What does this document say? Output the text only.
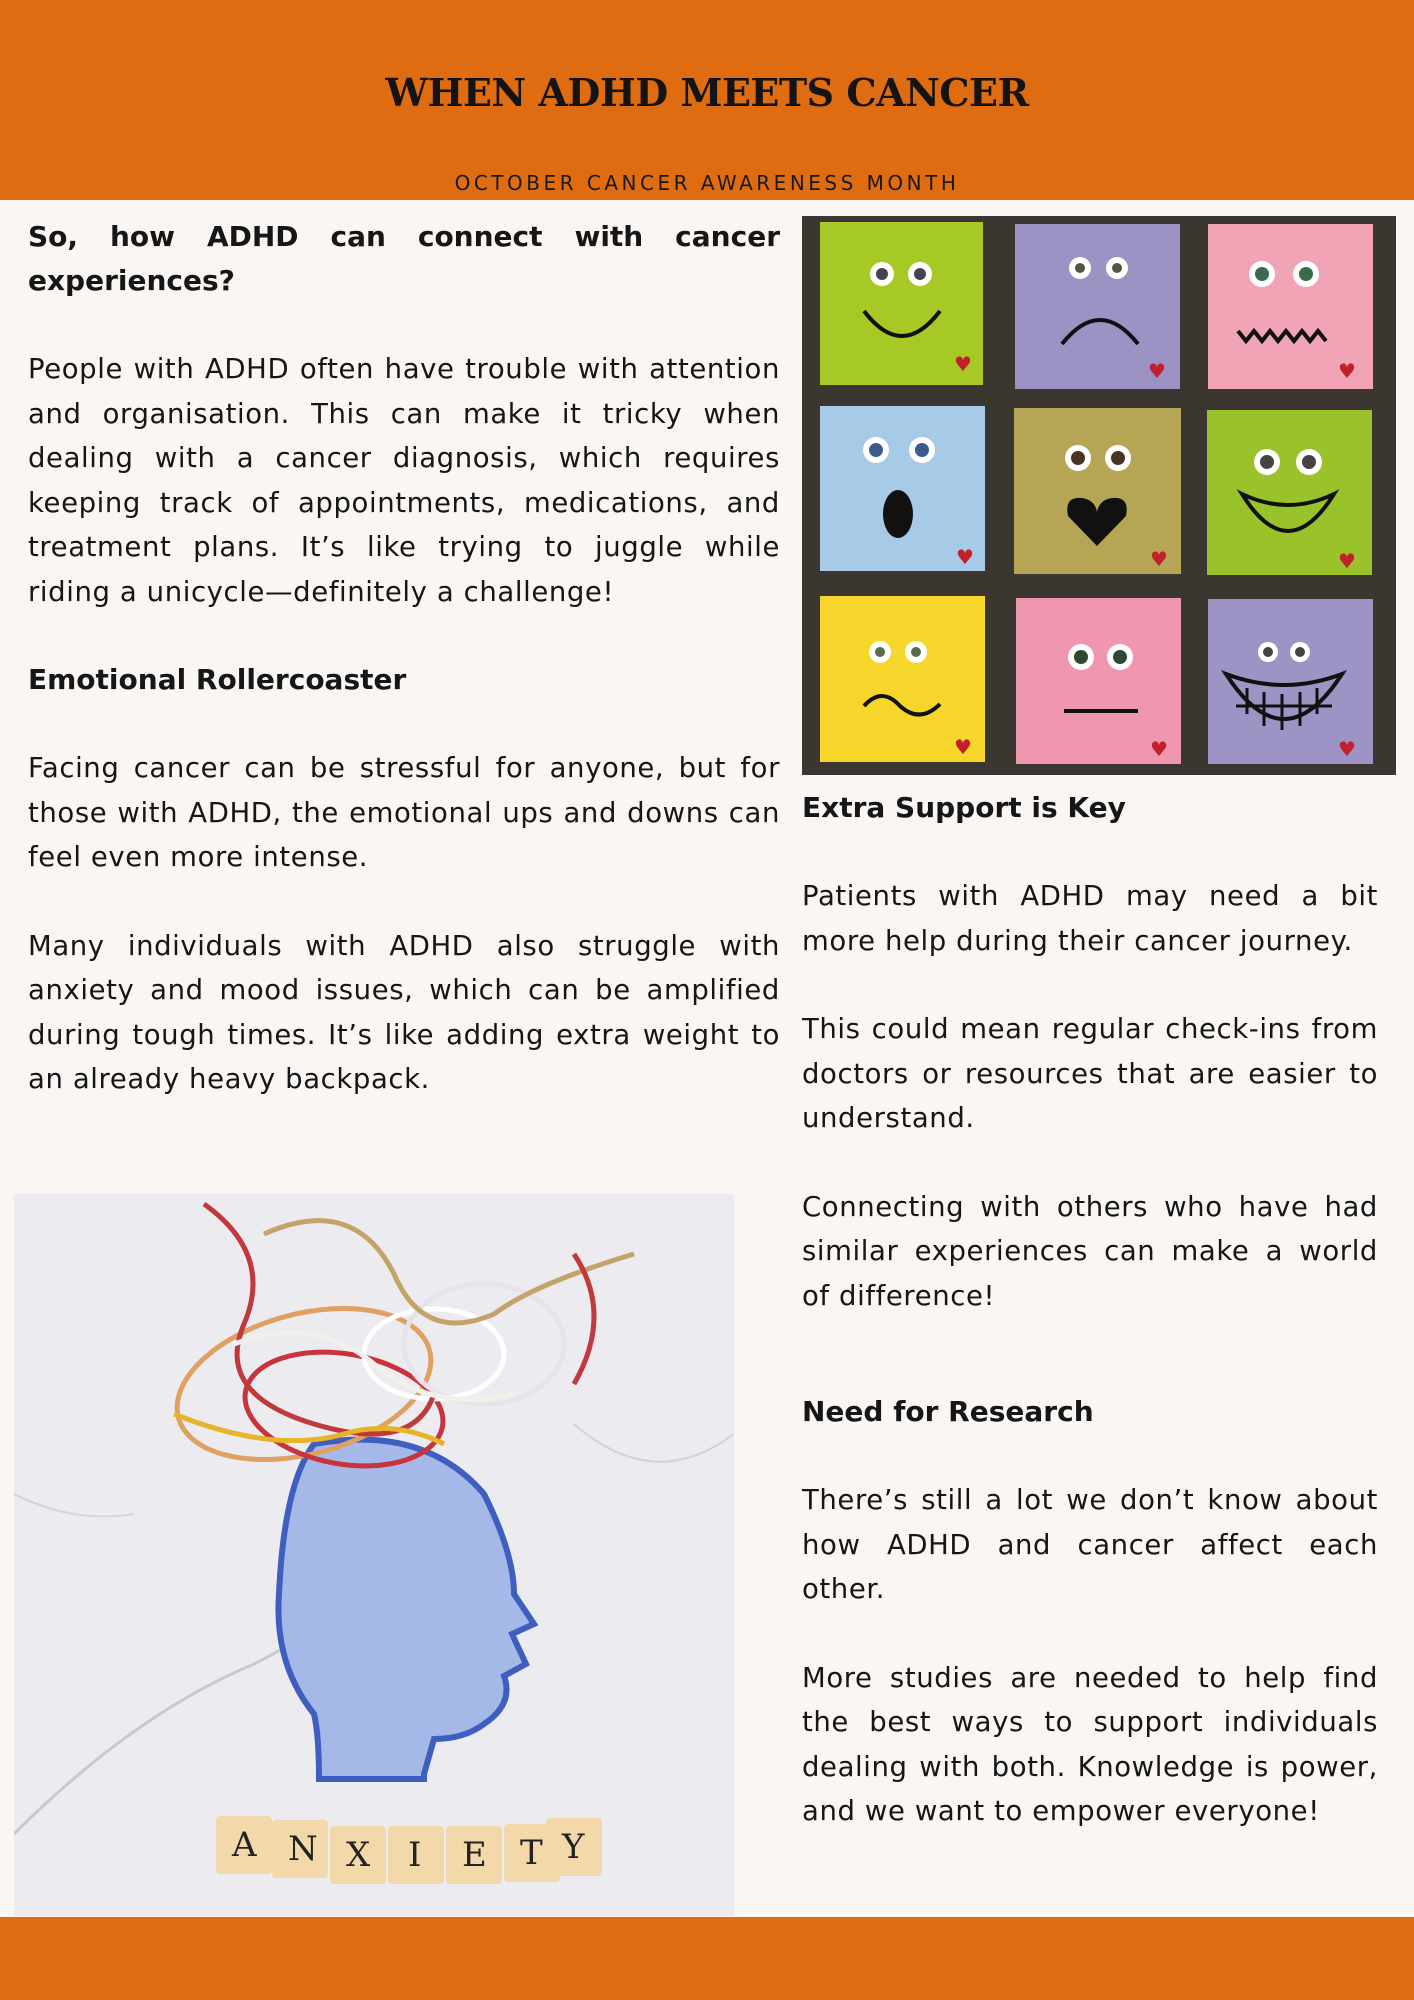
WHEN ADHD MEETS CANCER
OCTOBER CANCER AWARENESS MONTH
So, how ADHD can connect with cancer experiences?

People with ADHD often have trouble with attention and organisation. This can make it tricky when dealing with a cancer diagnosis, which requires keeping track of appointments, medications, and treatment plans. It’s like trying to juggle while riding a unicycle—definitely a challenge!

Emotional Rollercoaster

Facing cancer can be stressful for anyone, but for those with ADHD, the emotional ups and downs can feel even more intense.

Many individuals with ADHD also struggle with anxiety and mood issues, which can be amplified during tough times. It’s like adding extra weight to an already heavy backpack.

♥	♥	♥
♥	♥	♥
♥	♥	♥
Extra Support is Key

Patients with ADHD may need a bit more help during their cancer journey.

This could mean regular check-ins from doctors or resources that are easier to understand.

Connecting with others who have had similar experiences can make a world of difference!

Need for Research

There’s still a lot we don’t know about how ADHD and cancer affect each other.

More studies are needed to help find the best ways to support individuals dealing with both. Knowledge is power, and we want to empower everyone!

A N X I E T Y
